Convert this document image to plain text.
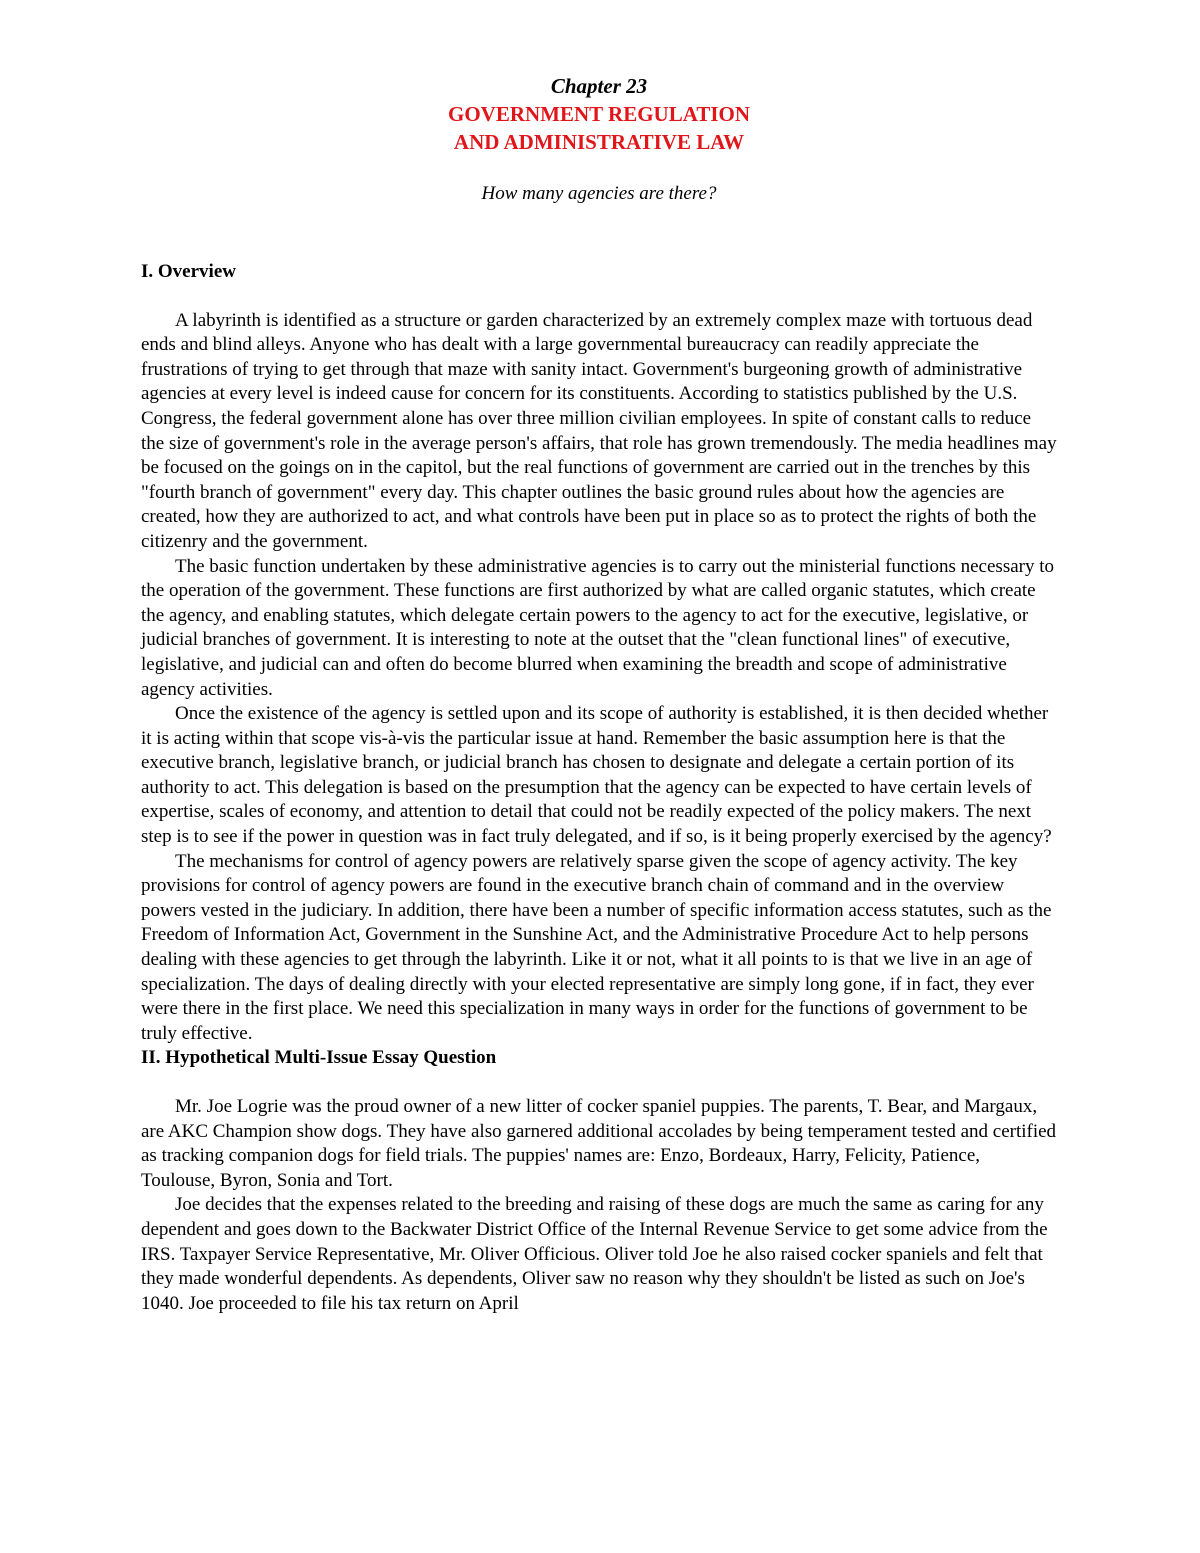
Chapter 23
GOVERNMENT REGULATION
AND ADMINISTRATIVE LAW
How many agencies are there?
I. Overview

A labyrinth is identified as a structure or garden characterized by an extremely complex maze with tortuous dead ends and blind alleys. Anyone who has dealt with a large governmental bureaucracy can readily appreciate the frustrations of trying to get through that maze with sanity intact. Government's burgeoning growth of administrative agencies at every level is indeed cause for concern for its constituents. According to statistics published by the U.S. Congress, the federal government alone has over three million civilian employees. In spite of constant calls to reduce the size of government's role in the average person's affairs, that role has grown tremendously. The media headlines may be focused on the goings on in the capitol, but the real functions of government are carried out in the trenches by this "fourth branch of government" every day. This chapter outlines the basic ground rules about how the agencies are created, how they are authorized to act, and what controls have been put in place so as to protect the rights of both the citizenry and the government.

The basic function undertaken by these administrative agencies is to carry out the ministerial functions necessary to the operation of the government. These functions are first authorized by what are called organic statutes, which create the agency, and enabling statutes, which delegate certain powers to the agency to act for the executive, legislative, or judicial branches of government. It is interesting to note at the outset that the "clean functional lines" of executive, legislative, and judicial can and often do become blurred when examining the breadth and scope of administrative agency activities.

Once the existence of the agency is settled upon and its scope of authority is established, it is then decided whether it is acting within that scope vis-à-vis the particular issue at hand. Remember the basic assumption here is that the executive branch, legislative branch, or judicial branch has chosen to designate and delegate a certain portion of its authority to act. This delegation is based on the presumption that the agency can be expected to have certain levels of expertise, scales of economy, and attention to detail that could not be readily expected of the policy makers. The next step is to see if the power in question was in fact truly delegated, and if so, is it being properly exercised by the agency?

The mechanisms for control of agency powers are relatively sparse given the scope of agency activity. The key provisions for control of agency powers are found in the executive branch chain of command and in the overview powers vested in the judiciary. In addition, there have been a number of specific information access statutes, such as the Freedom of Information Act, Government in the Sunshine Act, and the Administrative Procedure Act to help persons dealing with these agencies to get through the labyrinth. Like it or not, what it all points to is that we live in an age of specialization. The days of dealing directly with your elected representative are simply long gone, if in fact, they ever were there in the first place. We need this specialization in many ways in order for the functions of government to be truly effective.

II. Hypothetical Multi-Issue Essay Question

Mr. Joe Logrie was the proud owner of a new litter of cocker spaniel puppies. The parents, T. Bear, and Margaux, are AKC Champion show dogs. They have also garnered additional accolades by being temperament tested and certified as tracking companion dogs for field trials. The puppies' names are: Enzo, Bordeaux, Harry, Felicity, Patience, Toulouse, Byron, Sonia and Tort.

Joe decides that the expenses related to the breeding and raising of these dogs are much the same as caring for any dependent and goes down to the Backwater District Office of the Internal Revenue Service to get some advice from the IRS. Taxpayer Service Representative, Mr. Oliver Officious. Oliver told Joe he also raised cocker spaniels and felt that they made wonderful dependents. As dependents, Oliver saw no reason why they shouldn't be listed as such on Joe's 1040. Joe proceeded to file his tax return on April
